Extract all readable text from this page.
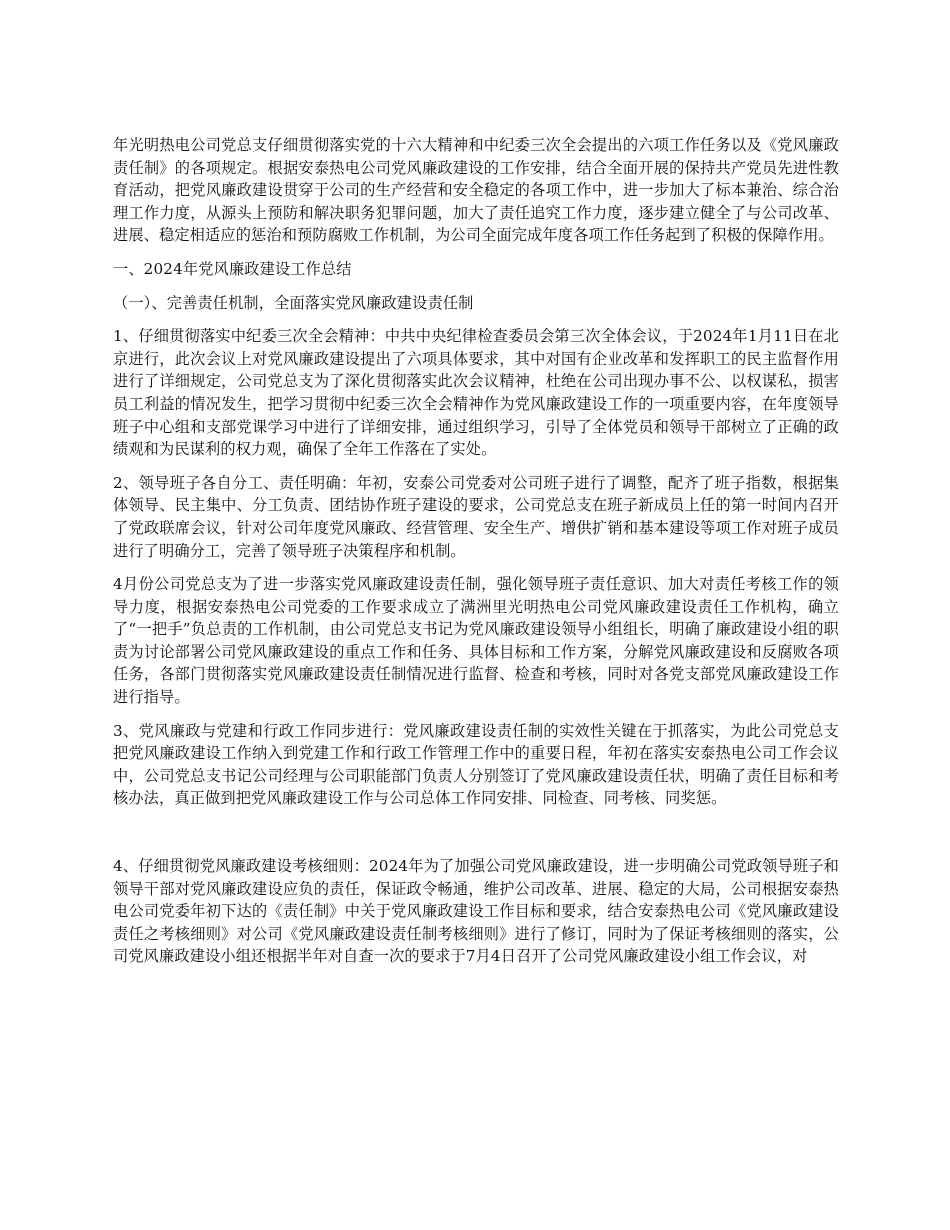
年光明热电公司党总支仔细贯彻落实党的十六大精神和中纪委三次全会提出的六项工作任务以及《党风廉政责任制》的各项规定。根据安泰热电公司党风廉政建设的工作安排，结合全面开展的保持共产党员先进性教育活动，把党风廉政建设贯穿于公司的生产经营和安全稳定的各项工作中，进一步加大了标本兼治、综合治理工作力度，从源头上预防和解决职务犯罪问题，加大了责任追究工作力度，逐步建立健全了与公司改革、进展、稳定相适应的惩治和预防腐败工作机制，为公司全面完成年度各项工作任务起到了积极的保障作用。

一、2024年党风廉政建设工作总结

（一）、完善责任机制，全面落实党风廉政建设责任制

1、仔细贯彻落实中纪委三次全会精神：中共中央纪律检查委员会第三次全体会议，于2024年1月11日在北京进行，此次会议上对党风廉政建设提出了六项具体要求，其中对国有企业改革和发挥职工的民主监督作用进行了详细规定，公司党总支为了深化贯彻落实此次会议精神，杜绝在公司出现办事不公、以权谋私，损害员工利益的情况发生，把学习贯彻中纪委三次全会精神作为党风廉政建设工作的一项重要内容，在年度领导班子中心组和支部党课学习中进行了详细安排，通过组织学习，引导了全体党员和领导干部树立了正确的政绩观和为民谋利的权力观，确保了全年工作落在了实处。

2、领导班子各自分工、责任明确：年初，安泰公司党委对公司班子进行了调整，配齐了班子指数，根据集体领导、民主集中、分工负责、团结协作班子建设的要求，公司党总支在班子新成员上任的第一时间内召开了党政联席会议，针对公司年度党风廉政、经营管理、安全生产、增供扩销和基本建设等项工作对班子成员进行了明确分工，完善了领导班子决策程序和机制。

4月份公司党总支为了进一步落实党风廉政建设责任制，强化领导班子责任意识、加大对责任考核工作的领导力度，根据安泰热电公司党委的工作要求成立了满洲里光明热电公司党风廉政建设责任工作机构，确立了“一把手”负总责的工作机制，由公司党总支书记为党风廉政建设领导小组组长，明确了廉政建设小组的职责为讨论部署公司党风廉政建设的重点工作和任务、具体目标和工作方案，分解党风廉政建设和反腐败各项任务，各部门贯彻落实党风廉政建设责任制情况进行监督、检查和考核，同时对各党支部党风廉政建设工作进行指导。

3、党风廉政与党建和行政工作同步进行：党风廉政建设责任制的实效性关键在于抓落实，为此公司党总支把党风廉政建设工作纳入到党建工作和行政工作管理工作中的重要日程，年初在落实安泰热电公司工作会议中，公司党总支书记公司经理与公司职能部门负责人分别签订了党风廉政建设责任状，明确了责任目标和考核办法，真正做到把党风廉政建设工作与公司总体工作同安排、同检查、同考核、同奖惩。

4、仔细贯彻党风廉政建设考核细则：2024年为了加强公司党风廉政建设，进一步明确公司党政领导班子和领导干部对党风廉政建设应负的责任，保证政令畅通，维护公司改革、进展、稳定的大局，公司根据安泰热电公司党委年初下达的《责任制》中关于党风廉政建设工作目标和要求，结合安泰热电公司《党风廉政建设责任之考核细则》对公司《党风廉政建设责任制考核细则》进行了修订，同时为了保证考核细则的落实，公司党风廉政建设小组还根据半年对自查一次的要求于7月4日召开了公司党风廉政建设小组工作会议，对
